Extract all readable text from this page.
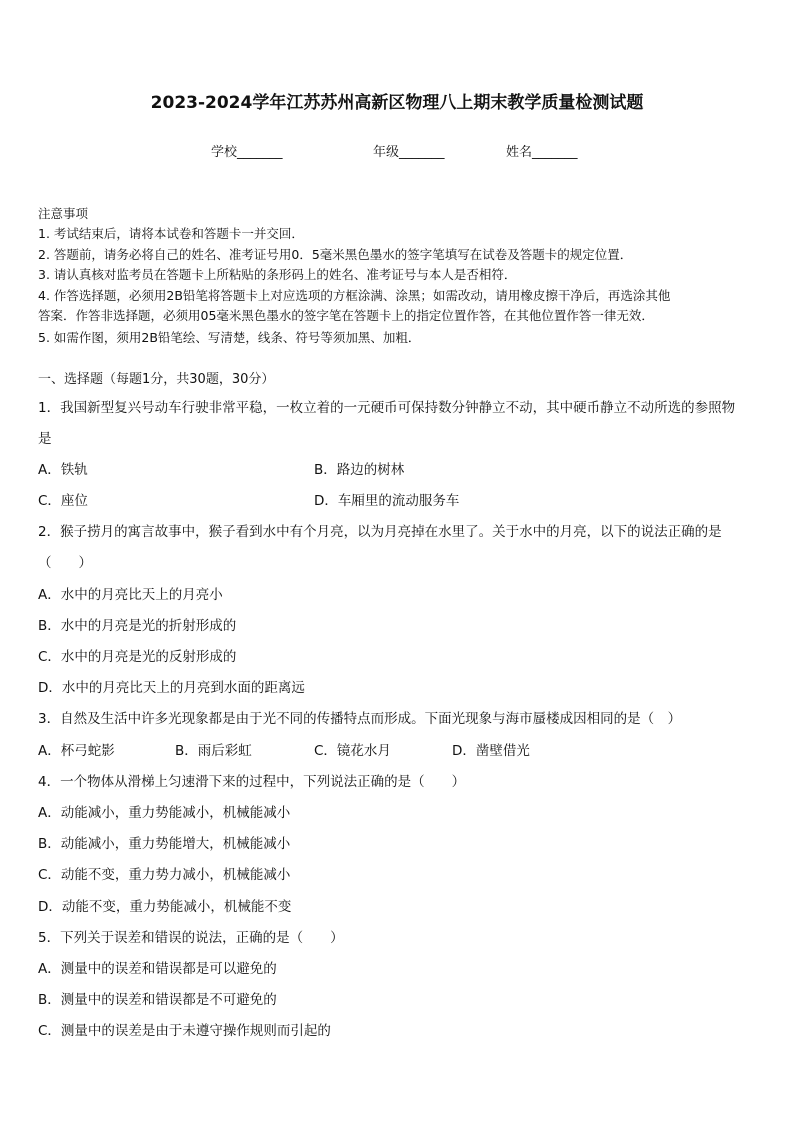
2023-2024学年江苏苏州高新区物理八上期末教学质量检测试题
学校_______	年级_______	姓名_______
注意事项
1. 考试结束后，请将本试卷和答题卡一并交回．
2. 答题前，请务必将自己的姓名、准考证号用0．5毫米黑色墨水的签字笔填写在试卷及答题卡的规定位置．
3. 请认真核对监考员在答题卡上所粘贴的条形码上的姓名、准考证号与本人是否相符．
4. 作答选择题，必须用2B铅笔将答题卡上对应选项的方框涂满、涂黑；如需改动，请用橡皮擦干净后，再选涂其他
答案．作答非选择题，必须用05毫米黑色墨水的签字笔在答题卡上的指定位置作答，在其他位置作答一律无效．
5. 如需作图，须用2B铅笔绘、写清楚，线条、符号等须加黑、加粗．
一、选择题（每题1分，共30题，30分）
1．我国新型复兴号动车行驶非常平稳，一枚立着的一元硬币可保持数分钟静立不动，其中硬币静立不动所选的参照物
是
A．铁轨	B．路边的树林
C．座位	D．车厢里的流动服务车
2．猴子捞月的寓言故事中，猴子看到水中有个月亮，以为月亮掉在水里了。关于水中的月亮，以下的说法正确的是
（　　）
A．水中的月亮比天上的月亮小
B．水中的月亮是光的折射形成的
C．水中的月亮是光的反射形成的
D．水中的月亮比天上的月亮到水面的距离远
3．自然及生活中许多光现象都是由于光不同的传播特点而形成。下面光现象与海市蜃楼成因相同的是（　）
A．杯弓蛇影	B．雨后彩虹	C．镜花水月	D．凿壁借光
4．一个物体从滑梯上匀速滑下来的过程中，下列说法正确的是（　　）
A．动能减小，重力势能减小，机械能减小
B．动能减小，重力势能增大，机械能减小
C．动能不变，重力势力减小，机械能减小
D．动能不变，重力势能减小，机械能不变
5．下列关于误差和错误的说法，正确的是（　　）
A．测量中的误差和错误都是可以避免的
B．测量中的误差和错误都是不可避免的
C．测量中的误差是由于未遵守操作规则而引起的
